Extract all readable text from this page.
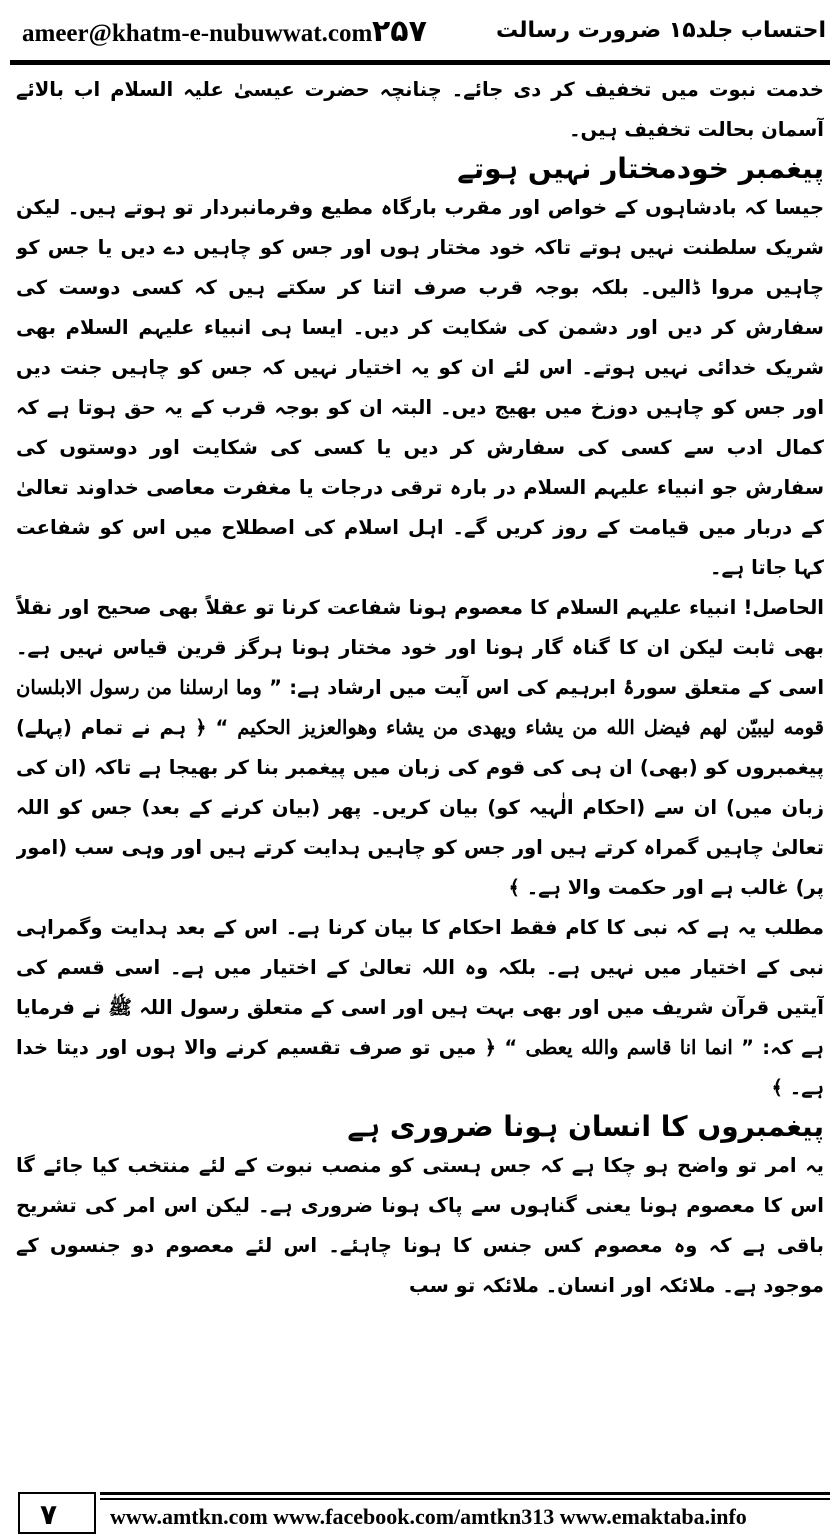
ameer@khatm-e-nubuwwat.com ۲۵۷	احتساب جلد۱۵ ضرورت رسالت

خدمت نبوت میں تخفیف کر دی جائے۔ چنانچہ حضرت عیسیٰ علیہ السلام اب بالائے آسمان بحالت تخفیف ہیں۔

پیغمبر خودمختار نہیں ہوتے

جیسا کہ بادشاہوں کے خواص اور مقرب بارگاہ مطیع وفرمانبردار تو ہوتے ہیں۔ لیکن شریک سلطنت نہیں ہوتے تاکہ خود مختار ہوں اور جس کو چاہیں دے دیں یا جس کو چاہیں مروا ڈالیں۔ بلکہ بوجہ قرب صرف اتنا کر سکتے ہیں کہ کسی دوست کی سفارش کر دیں اور دشمن کی شکایت کر دیں۔ ایسا ہی انبیاء علیہم السلام بھی شریک خدائی نہیں ہوتے۔ اس لئے ان کو یہ اختیار نہیں کہ جس کو چاہیں جنت دیں اور جس کو چاہیں دوزخ میں بھیج دیں۔ البتہ ان کو بوجہ قرب کے یہ حق ہوتا ہے کہ کمال ادب سے کسی کی سفارش کر دیں یا کسی کی شکایت اور دوستوں کی سفارش جو انبیاء علیہم السلام در بارہ ترقی درجات یا مغفرت معاصی خداوند تعالیٰ کے دربار میں قیامت کے روز کریں گے۔ اہل اسلام کی اصطلاح میں اس کو شفاعت کہا جاتا ہے۔

الحاصل! انبیاء علیہم السلام کا معصوم ہونا شفاعت کرنا تو عقلاً بھی صحیح اور نقلاً بھی ثابت لیکن ان کا گناہ گار ہونا اور خود مختار ہونا ہرگز قرین قیاس نہیں ہے۔ اسی کے متعلق سورۂ ابرہیم کی اس آیت میں ارشاد ہے: ” وما ارسلنا من رسول الابلسان قومه ليبيّن لهم فيضل الله من يشاء ويهدى من يشاء وهوالعزيز الحكيم “ ﴿ ہم نے تمام (پہلے) پیغمبروں کو (بھی) ان ہی کی قوم کی زبان میں پیغمبر بنا کر بھیجا ہے تاکہ (ان کی زبان میں) ان سے (احکام الٰہیہ کو) بیان کریں۔ پھر (بیان کرنے کے بعد) جس کو اللہ تعالیٰ چاہیں گمراہ کرتے ہیں اور جس کو چاہیں ہدایت کرتے ہیں اور وہی سب (امور پر) غالب ہے اور حکمت والا ہے۔ ﴾

مطلب یہ ہے کہ نبی کا کام فقط احکام کا بیان کرنا ہے۔ اس کے بعد ہدایت وگمراہی نبی کے اختیار میں نہیں ہے۔ بلکہ وہ اللہ تعالیٰ کے اختیار میں ہے۔ اسی قسم کی آیتیں قرآن شریف میں اور بھی بہت ہیں اور اسی کے متعلق رسول اللہ ﷺ نے فرمایا ہے کہ: ” انما انا قاسم والله يعطى “ ﴿ میں تو صرف تقسیم کرنے والا ہوں اور دیتا خدا ہے۔ ﴾

پیغمبروں کا انسان ہونا ضروری ہے

یہ امر تو واضح ہو چکا ہے کہ جس ہستی کو منصب نبوت کے لئے منتخب کیا جائے گا اس کا معصوم ہونا یعنی گناہوں سے پاک ہونا ضروری ہے۔ لیکن اس امر کی تشریح باقی ہے کہ وہ معصوم کس جنس کا ہونا چاہئے۔ اس لئے معصوم دو جنسوں کے موجود ہے۔ ملائکہ اور انسان۔ ملائکہ تو سب

۷ www.amtkn.com www.facebook.com/amtkn313 www.emaktaba.info
